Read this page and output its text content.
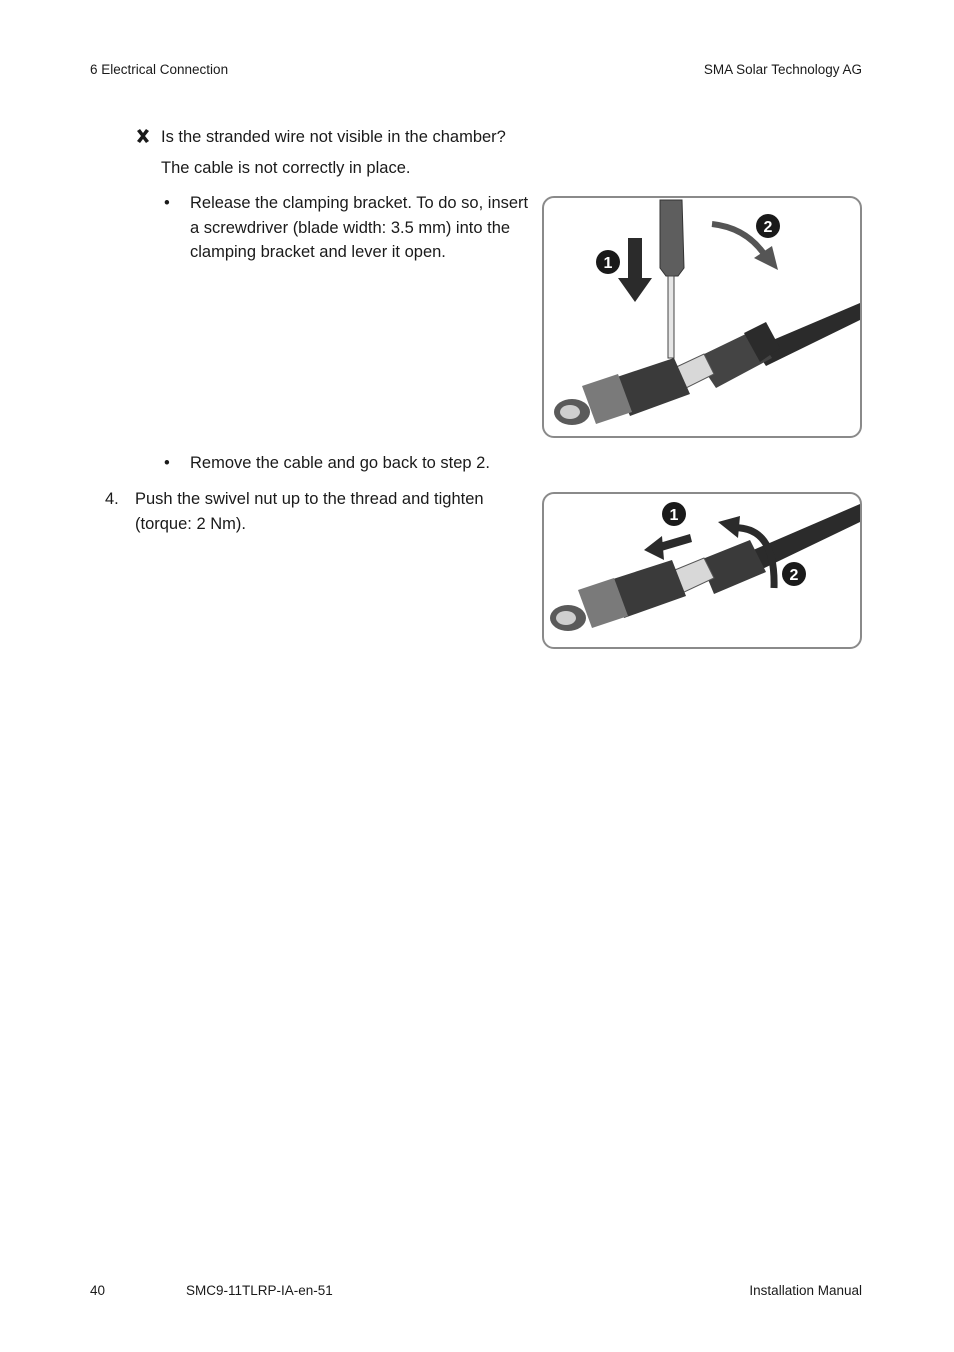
6 Electrical Connection	SMA Solar Technology AG
Is the stranded wire not visible in the chamber?
The cable is not correctly in place.
• Release the clamping bracket. To do so, insert a screwdriver (blade width: 3.5 mm) into the clamping bracket and lever it open.
1
2
• Remove the cable and go back to step 2.
4. Push the swivel nut up to the thread and tighten (torque: 2 Nm).	1
2
40	SMC9-11TLRP-IA-en-51	Installation Manual
